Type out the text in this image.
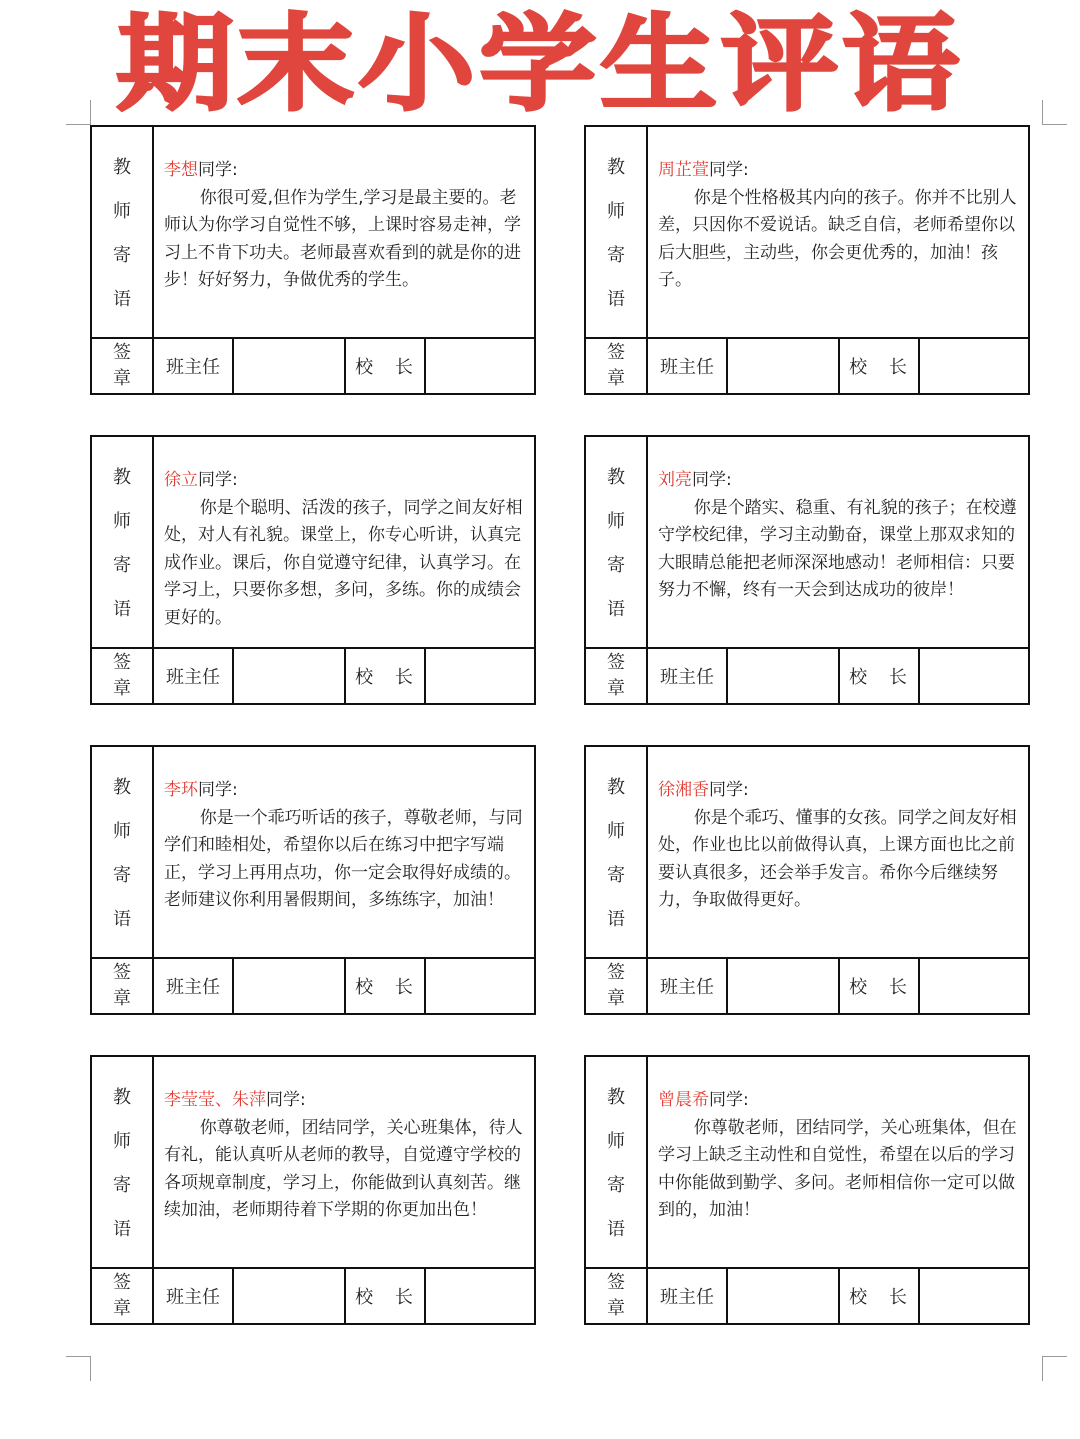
期末小学生评语
教
师
寄
语
李想同学:

你很可爱,但作为学生,学习是最主要的。老师认为你学习自觉性不够，上课时容易走神，学习上不肯下功夫。老师最喜欢看到的就是你的进步！好好努力，争做优秀的学生。

签
章
班主任	校 长
教
师
寄
语
周芷萱同学:

你是个性格极其内向的孩子。你并不比别人差，只因你不爱说话。缺乏自信，老师希望你以后大胆些，主动些，你会更优秀的，加油！孩子。

签
章
班主任	校 长
教
师
寄
语
徐立同学:

你是个聪明、活泼的孩子，同学之间友好相处，对人有礼貌。课堂上，你专心听讲，认真完成作业。课后，你自觉遵守纪律，认真学习。在学习上，只要你多想，多问，多练。你的成绩会更好的。

签
章
班主任	校 长
教
师
寄
语
刘亮同学:

你是个踏实、稳重、有礼貌的孩子；在校遵守学校纪律，学习主动勤奋，课堂上那双求知的大眼睛总能把老师深深地感动！老师相信：只要努力不懈，终有一天会到达成功的彼岸！

签
章
班主任	校 长
教
师
寄
语
李环同学:

你是一个乖巧听话的孩子，尊敬老师，与同学们和睦相处，希望你以后在练习中把字写端正，学习上再用点功，你一定会取得好成绩的。老师建议你利用暑假期间，多练练字，加油！

签
章
班主任	校 长
教
师
寄
语
徐湘香同学:

你是个乖巧、懂事的女孩。同学之间友好相处，作业也比以前做得认真，上课方面也比之前要认真很多，还会举手发言。希你今后继续努力，争取做得更好。

签
章
班主任	校 长
教
师
寄
语
李莹莹、朱萍同学:

你尊敬老师，团结同学，关心班集体，待人有礼，能认真听从老师的教导，自觉遵守学校的各项规章制度，学习上，你能做到认真刻苦。继续加油，老师期待着下学期的你更加出色！

签
章
班主任	校 长
教
师
寄
语
曾晨希同学:

你尊敬老师，团结同学，关心班集体，但在学习上缺乏主动性和自觉性，希望在以后的学习中你能做到勤学、多问。老师相信你一定可以做到的，加油！

签
章
班主任	校 长
